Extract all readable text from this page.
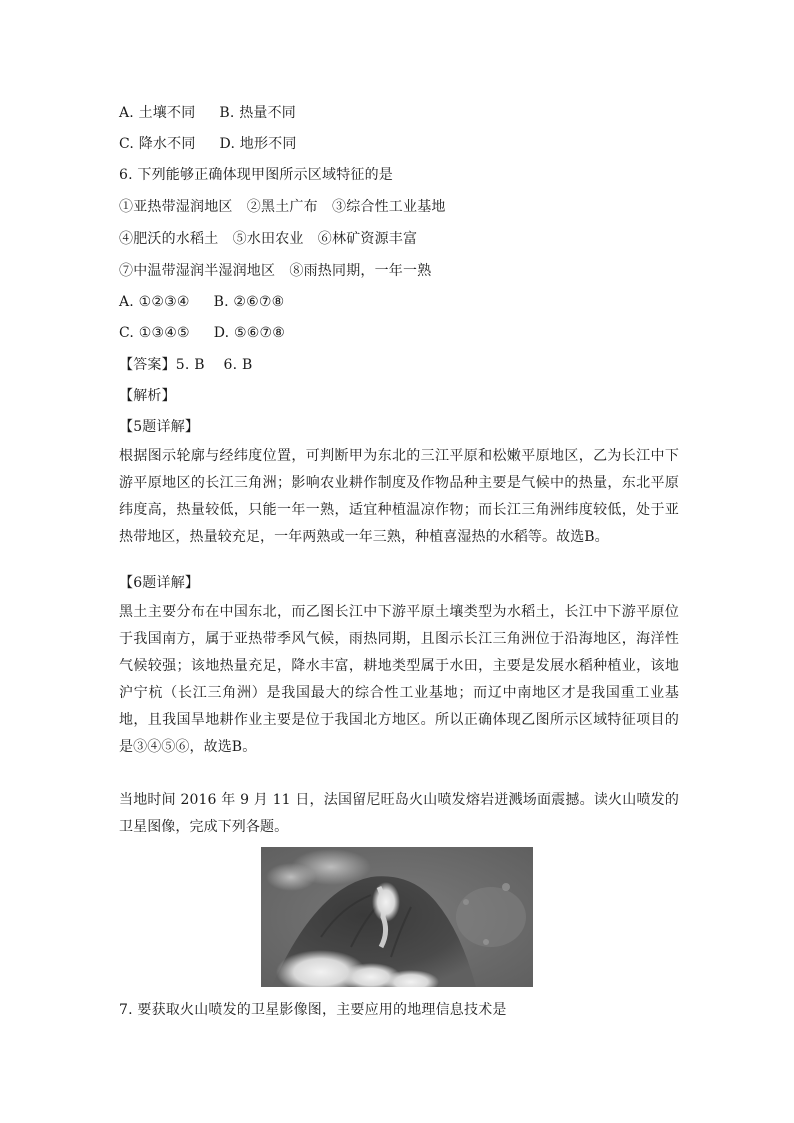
A. 土壤不同 B. 热量不同
C. 降水不同 D. 地形不同
6. 下列能够正确体现甲图所示区域特征的是
①亚热带湿润地区　②黑土广布　③综合性工业基地
④肥沃的水稻土　⑤水田农业　⑥林矿资源丰富
⑦中温带湿润半湿润地区　⑧雨热同期，一年一熟
A. ①②③④ B. ②⑥⑦⑧
C. ①③④⑤ D. ⑤⑥⑦⑧
【答案】5. B　 6. B
【解析】
【5题详解】
根据图示轮廓与经纬度位置，可判断甲为东北的三江平原和松嫩平原地区，乙为长江中下游平原地区的长江三角洲；影响农业耕作制度及作物品种主要是气候中的热量，东北平原纬度高，热量较低，只能一年一熟，适宜种植温凉作物；而长江三角洲纬度较低，处于亚热带地区，热量较充足，一年两熟或一年三熟，种植喜湿热的水稻等。故选B。
【6题详解】
黑土主要分布在中国东北，而乙图长江中下游平原土壤类型为水稻土，长江中下游平原位于我国南方，属于亚热带季风气候，雨热同期，且图示长江三角洲位于沿海地区，海洋性气候较强；该地热量充足，降水丰富，耕地类型属于水田，主要是发展水稻种植业，该地沪宁杭（长江三角洲）是我国最大的综合性工业基地；而辽中南地区才是我国重工业基地，且我国旱地耕作业主要是位于我国北方地区。所以正确体现乙图所示区域特征项目的是③④⑤⑥，故选B。
当地时间 2016 年 9 月 11 日，法国留尼旺岛火山喷发熔岩迸溅场面震撼。读火山喷发的卫星图像，完成下列各题。
7. 要获取火山喷发的卫星影像图，主要应用的地理信息技术是
